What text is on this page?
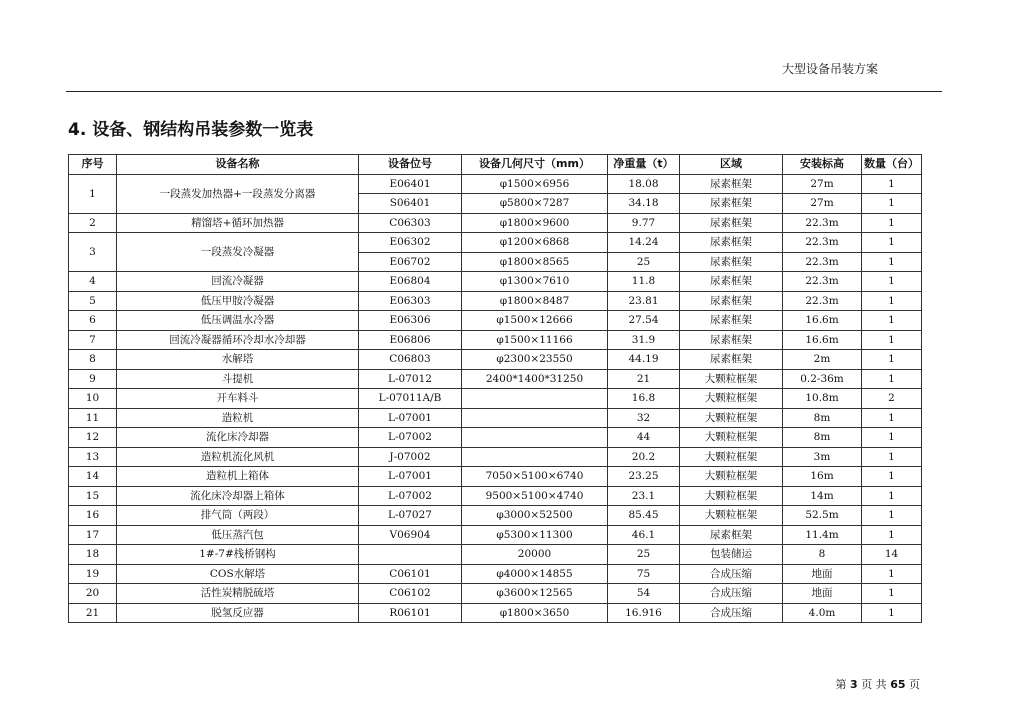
大型设备吊装方案
4. 设备、钢结构吊装参数一览表
序号	设备名称	设备位号	设备几何尺寸（mm）	净重量（t）	区域	安装标高	数量（台）
1	一段蒸发加热器+一段蒸发分离器	E06401	φ1500×6956	18.08	尿素框架	27m	1
		S06401	φ5800×7287	34.18	尿素框架	27m	1
2	精馏塔+循环加热器	C06303	φ1800×9600	9.77	尿素框架	22.3m	1
3	一段蒸发冷凝器	E06302	φ1200×6868	14.24	尿素框架	22.3m	1
		E06702	φ1800×8565	25	尿素框架	22.3m	1
4	回流冷凝器	E06804	φ1300×7610	11.8	尿素框架	22.3m	1
5	低压甲胺冷凝器	E06303	φ1800×8487	23.81	尿素框架	22.3m	1
6	低压调温水冷器	E06306	φ1500×12666	27.54	尿素框架	16.6m	1
7	回流冷凝器循环冷却水冷却器	E06806	φ1500×11166	31.9	尿素框架	16.6m	1
8	水解塔	C06803	φ2300×23550	44.19	尿素框架	2m	1
9	斗提机	L-07012	2400*1400*31250	21	大颗粒框架	0.2-36m	1
10	开车料斗	L-07011A/B		16.8	大颗粒框架	10.8m	2
11	造粒机	L-07001		32	大颗粒框架	8m	1
12	流化床冷却器	L-07002		44	大颗粒框架	8m	1
13	造粒机流化风机	J-07002		20.2	大颗粒框架	3m	1
14	造粒机上箱体	L-07001	7050×5100×6740	23.25	大颗粒框架	16m	1
15	流化床冷却器上箱体	L-07002	9500×5100×4740	23.1	大颗粒框架	14m	1
16	排气筒（两段）	L-07027	φ3000×52500	85.45	大颗粒框架	52.5m	1
17	低压蒸汽包	V06904	φ5300×11300	46.1	尿素框架	11.4m	1
18	1#-7#栈桥钢构		20000	25	包装储运	8	14
19	COS水解塔	C06101	φ4000×14855	75	合成压缩	地面	1
20	活性炭精脱硫塔	C06102	φ3600×12565	54	合成压缩	地面	1
21	脱氢反应器	R06101	φ1800×3650	16.916	合成压缩	4.0m	1
第 3 页 共 65 页
